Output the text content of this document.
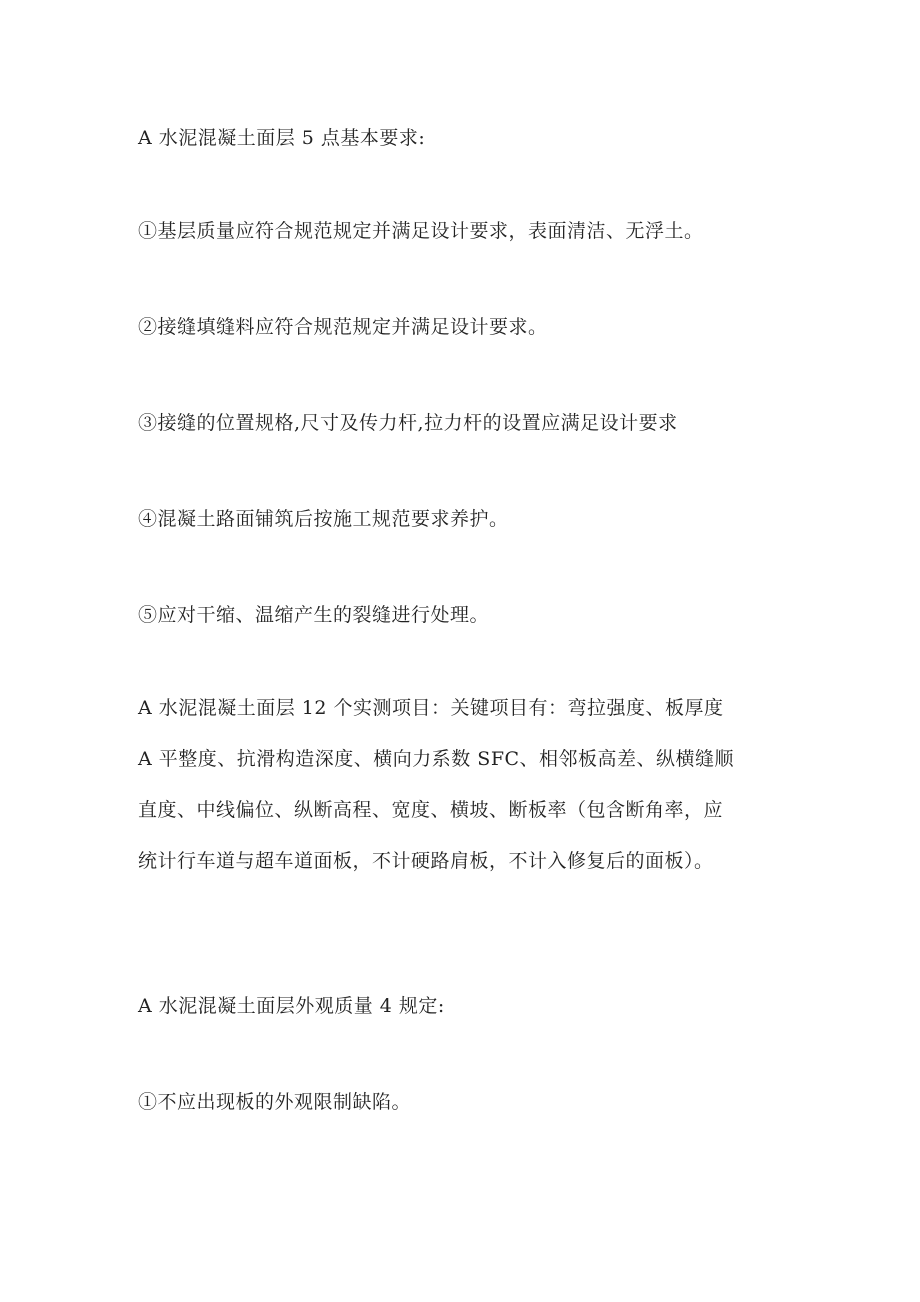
A 水泥混凝土面层 5 点基本要求:
①基层质量应符合规范规定并满足设计要求，表面清洁、无浮土。
②接缝填缝料应符合规范规定并满足设计要求。
③接缝的位置规格,尺寸及传力杆,拉力杆的设置应满足设计要求
④混凝土路面铺筑后按施工规范要求养护。
⑤应对干缩、温缩产生的裂缝进行处理。
A 水泥混凝土面层 12 个实测项目：关键项目有：弯拉强度、板厚度
A 平整度、抗滑构造深度、横向力系数 SFC、相邻板高差、纵横缝顺
直度、中线偏位、纵断高程、宽度、横坡、断板率（包含断角率，应
统计行车道与超车道面板，不计硬路肩板，不计入修复后的面板）。
A 水泥混凝土面层外观质量 4 规定:
①不应出现板的外观限制缺陷。
